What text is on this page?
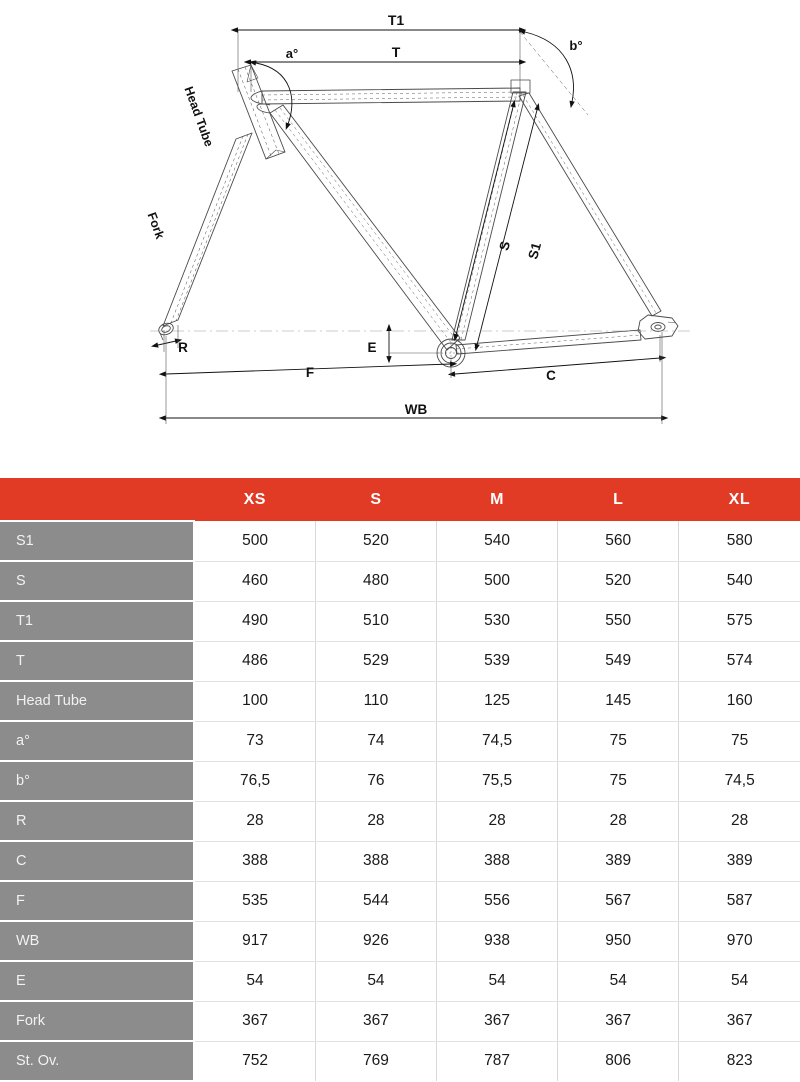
T1
T
a°
b°
Head Tube
Fork
S S1
R	E
C
F
WB
	XS	S	M	L	XL
S1	500	520	540	560	580
S	460	480	500	520	540
T1	490	510	530	550	575
T	486	529	539	549	574
Head Tube	100	110	125	145	160
a°	73	74	74,5	75	75
b°	76,5	76	75,5	75	74,5
R	28	28	28	28	28
C	388	388	388	389	389
F	535	544	556	567	587
WB	917	926	938	950	970
E	54	54	54	54	54
Fork	367	367	367	367	367
St. Ov.	752	769	787	806	823
